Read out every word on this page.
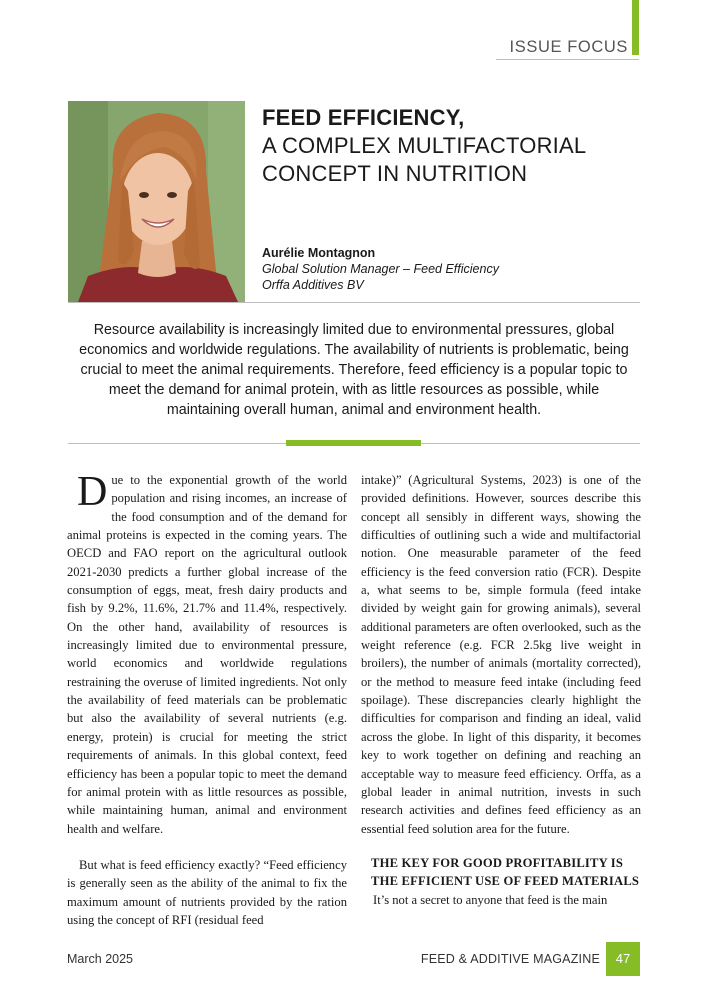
ISSUE FOCUS
FEED EFFICIENCY,
A COMPLEX MULTIFACTORIAL
CONCEPT IN NUTRITION
Aurélie Montagnon
Global Solution Manager – Feed Efficiency
Orffa Additives BV
Resource availability is increasingly limited due to environmental pressures, global economics and worldwide regulations. The availability of nutrients is problematic, being crucial to meet the animal requirements. Therefore, feed efficiency is a popular topic to meet the demand for animal protein, with as little resources as possible, while maintaining overall human, animal and environment health.

Due to the exponential growth of the world population and rising incomes, an increase of the food consumption and of the demand for animal proteins is expected in the coming years. The OECD and FAO report on the agricultural outlook 2021-2030 predicts a further global increase of the consumption of eggs, meat, fresh dairy products and fish by 9.2%, 11.6%, 21.7% and 11.4%, respectively. On the other hand, availability of resources is increasingly limited due to environmental pressure, world economics and worldwide regulations restraining the overuse of limited ingredients. Not only the availability of feed materials can be problematic but also the availability of several nutrients (e.g. energy, protein) is crucial for meeting the strict requirements of animals. In this global context, feed efficiency has been a popular topic to meet the demand for animal protein with as little resources as possible, while maintaining human, animal and environment health and welfare.

But what is feed efficiency exactly? “Feed efficiency is generally seen as the ability of the animal to fix the maximum amount of nutrients provided by the ration using the concept of RFI (residual feed

intake)” (Agricultural Systems, 2023) is one of the provided definitions. However, sources describe this concept all sensibly in different ways, showing the difficulties of outlining such a wide and multifactorial notion. One measurable parameter of the feed efficiency is the feed conversion ratio (FCR). Despite a, what seems to be, simple formula (feed intake divided by weight gain for growing animals), several additional parameters are often overlooked, such as the weight reference (e.g. FCR 2.5kg live weight in broilers), the number of animals (mortality corrected), or the method to measure feed intake (including feed spoilage). These discrepancies clearly highlight the difficulties for comparison and finding an ideal, valid across the globe. In light of this disparity, it becomes key to work together on defining and reaching an acceptable way to measure feed efficiency. Orffa, as a global leader in animal nutrition, invests in such research activities and defines feed efficiency as an essential feed solution area for the future.

THE KEY FOR GOOD PROFITABILITY IS
THE EFFICIENT USE OF FEED MATERIALS

It’s not a secret to anyone that feed is the main

March 2025	FEED & ADDITIVE MAGAZINE	47
